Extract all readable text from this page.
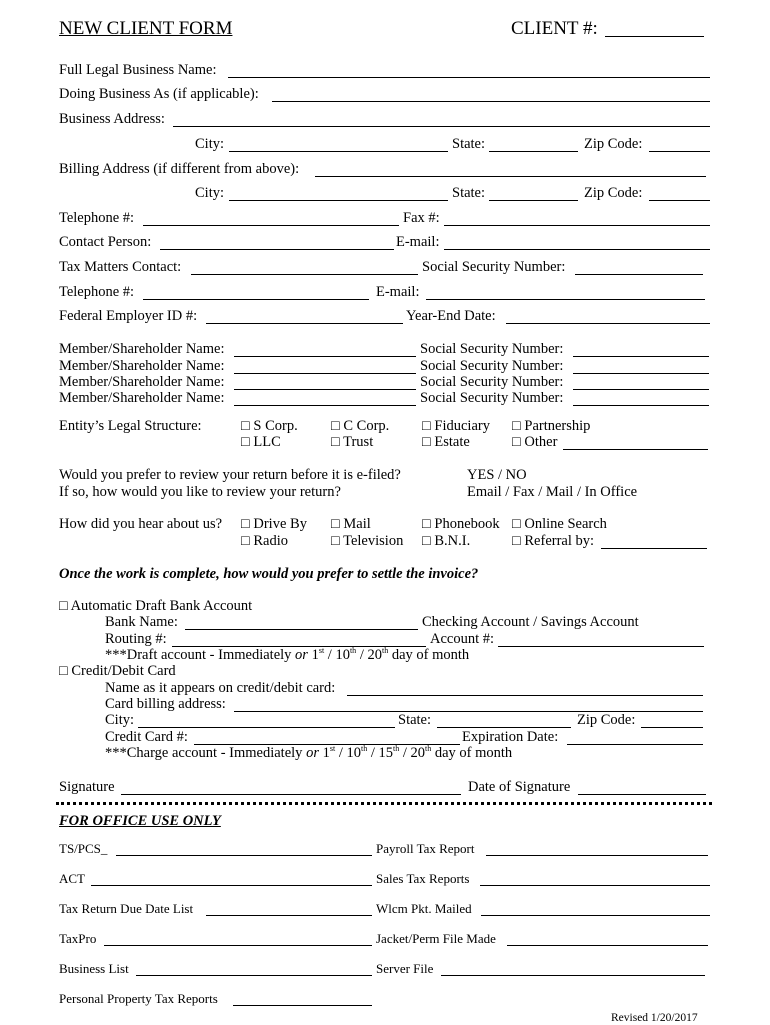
NEW CLIENT FORM	CLIENT #:
Full Legal Business Name:
Doing Business As (if applicable):
Business Address:
City:	State:	Zip Code:
Billing Address (if different from above):
City:	State:	Zip Code:
Telephone #:	Fax #:
Contact Person:	E-mail:
Tax Matters Contact:	Social Security Number:
Telephone #:	E-mail:
Federal Employer ID #:	Year-End Date:
Member/Shareholder Name:	Social Security Number:
Member/Shareholder Name:	Social Security Number:
Member/Shareholder Name:	Social Security Number:
Member/Shareholder Name:	Social Security Number:
Entity’s Legal Structure:	□ S Corp. □ C Corp. □ Fiduciary □ Partnership
□ LLC	□ Trust	□ Estate	□ Other
Would you prefer to review your return before it is e-filed?	YES / NO
If so, how would you like to review your return?	Email / Fax / Mail / In Office
How did you hear about us? □ Drive By □ Mail	□ Phonebook □ Online Search
□ Radio	□ Television □ B.N.I.	□ Referral by:
Once the work is complete, how would you prefer to settle the invoice?
□ Automatic Draft Bank Account
Bank Name:	Checking Account / Savings Account
Routing #:	Account #:
***Draft account - Immediately or 1st / 10th / 20th day of month
□ Credit/Debit Card
Name as it appears on credit/debit card:
Card billing address:
City:	State:	Zip Code:
Credit Card #:	Expiration Date:
***Charge account - Immediately or 1st / 10th / 15th / 20th day of month
Signature	Date of Signature
FOR OFFICE USE ONLY
TS/PCS_	Payroll Tax Report
ACT	Sales Tax Reports
Tax Return Due Date List	Wlcm Pkt. Mailed
TaxPro	Jacket/Perm File Made
Business List	Server File
Personal Property Tax Reports
Revised 1/20/2017
